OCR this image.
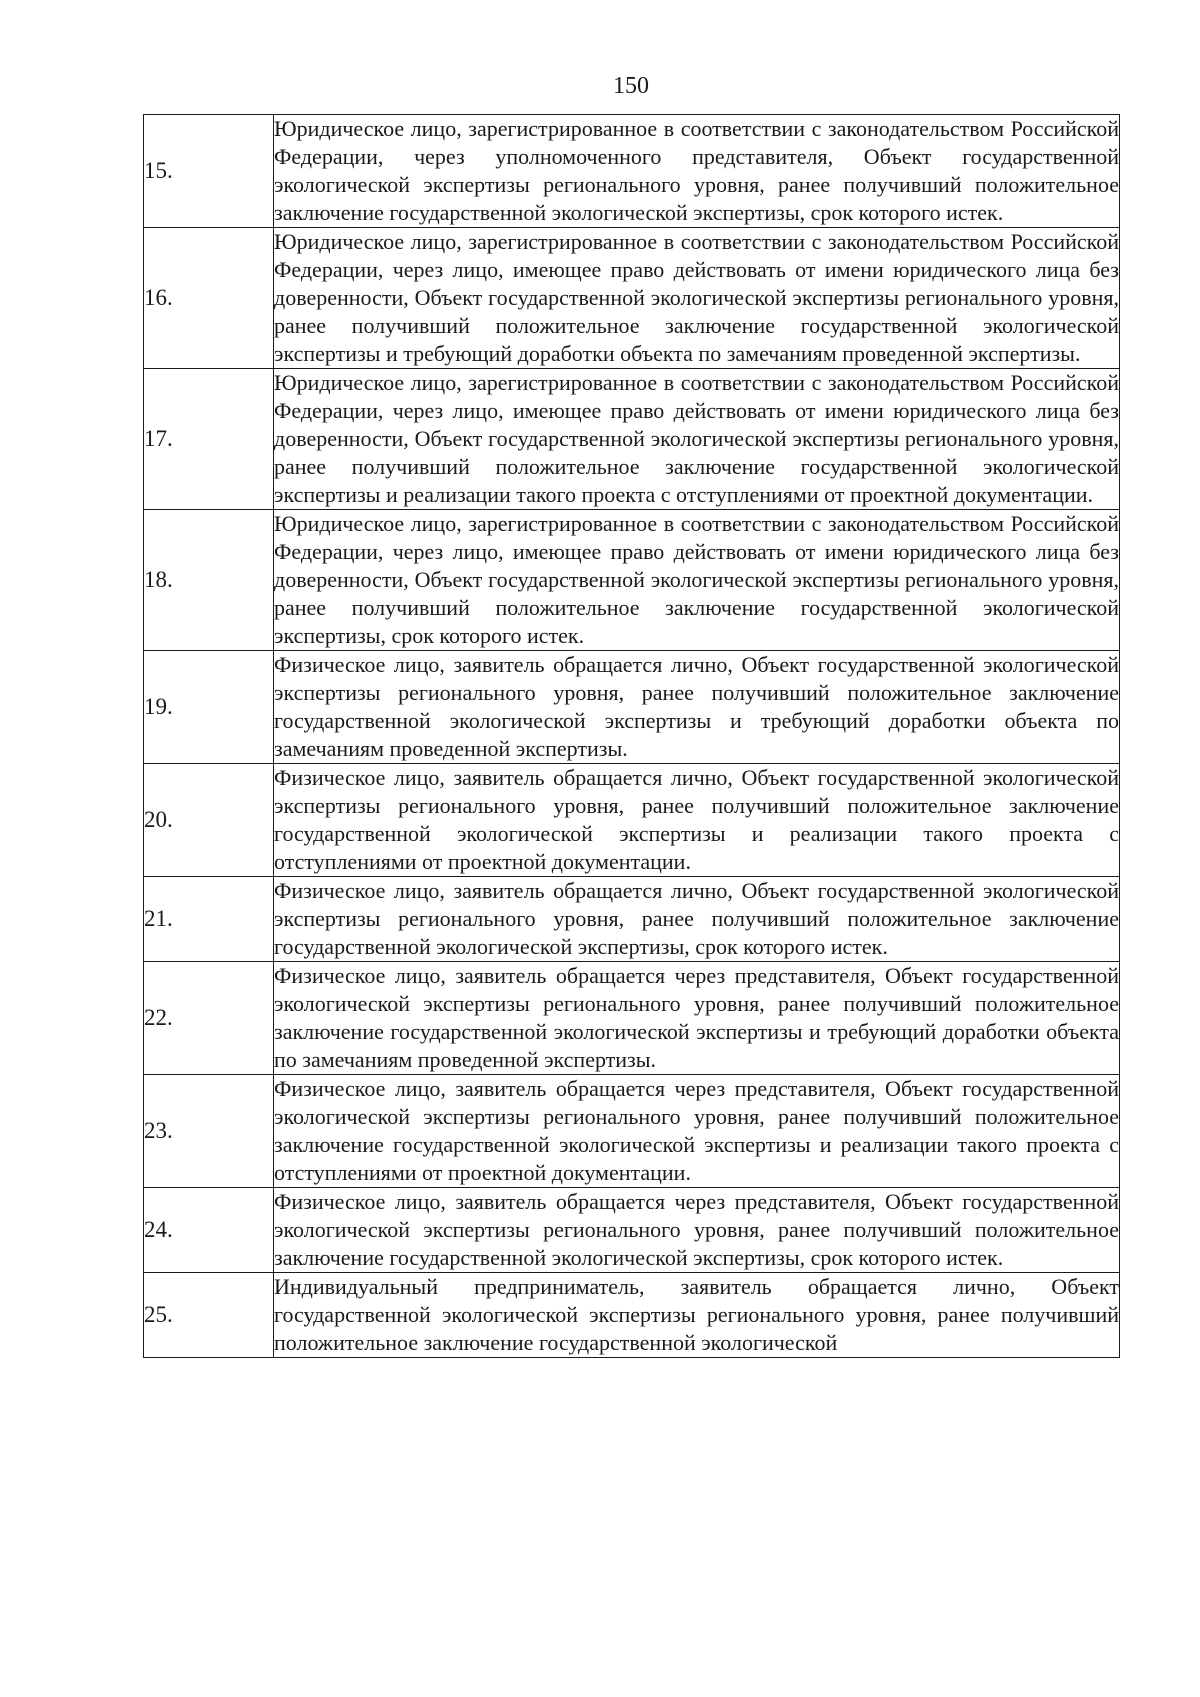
150
15.	Юридическое лицо, зарегистрированное в соответствии с законодательством Российской Федерации, через уполномоченного представителя, Объект государственной экологической экспертизы регионального уровня, ранее получивший положительное заключение государственной экологической экспертизы, срок которого истек.
16.	Юридическое лицо, зарегистрированное в соответствии с законодательством Российской Федерации, через лицо, имеющее право действовать от имени юридического лица без доверенности, Объект государственной экологической экспертизы регионального уровня, ранее получивший положительное заключение государственной экологической экспертизы и требующий доработки объекта по замечаниям проведенной экспертизы.
17.	Юридическое лицо, зарегистрированное в соответствии с законодательством Российской Федерации, через лицо, имеющее право действовать от имени юридического лица без доверенности, Объект государственной экологической экспертизы регионального уровня, ранее получивший положительное заключение государственной экологической экспертизы и реализации такого проекта с отступлениями от проектной документации.
18.	Юридическое лицо, зарегистрированное в соответствии с законодательством Российской Федерации, через лицо, имеющее право действовать от имени юридического лица без доверенности, Объект государственной экологической экспертизы регионального уровня, ранее получивший положительное заключение государственной экологической экспертизы, срок которого истек.
19.	Физическое лицо, заявитель обращается лично, Объект государственной экологической экспертизы регионального уровня, ранее получивший положительное заключение государственной экологической экспертизы и требующий доработки объекта по замечаниям проведенной экспертизы.
20.	Физическое лицо, заявитель обращается лично, Объект государственной экологической экспертизы регионального уровня, ранее получивший положительное заключение государственной экологической экспертизы и реализации такого проекта с отступлениями от проектной документации.
21.	Физическое лицо, заявитель обращается лично, Объект государственной экологической экспертизы регионального уровня, ранее получивший положительное заключение государственной экологической экспертизы, срок которого истек.
22.	Физическое лицо, заявитель обращается через представителя, Объект государственной экологической экспертизы регионального уровня, ранее получивший положительное заключение государственной экологической экспертизы и требующий доработки объекта по замечаниям проведенной экспертизы.
23.	Физическое лицо, заявитель обращается через представителя, Объект государственной экологической экспертизы регионального уровня, ранее получивший положительное заключение государственной экологической экспертизы и реализации такого проекта с отступлениями от проектной документации.
24.	Физическое лицо, заявитель обращается через представителя, Объект государственной экологической экспертизы регионального уровня, ранее получивший положительное заключение государственной экологической экспертизы, срок которого истек.
25.	Индивидуальный предприниматель, заявитель обращается лично, Объект государственной экологической экспертизы регионального уровня, ранее получивший положительное заключение государственной экологической
